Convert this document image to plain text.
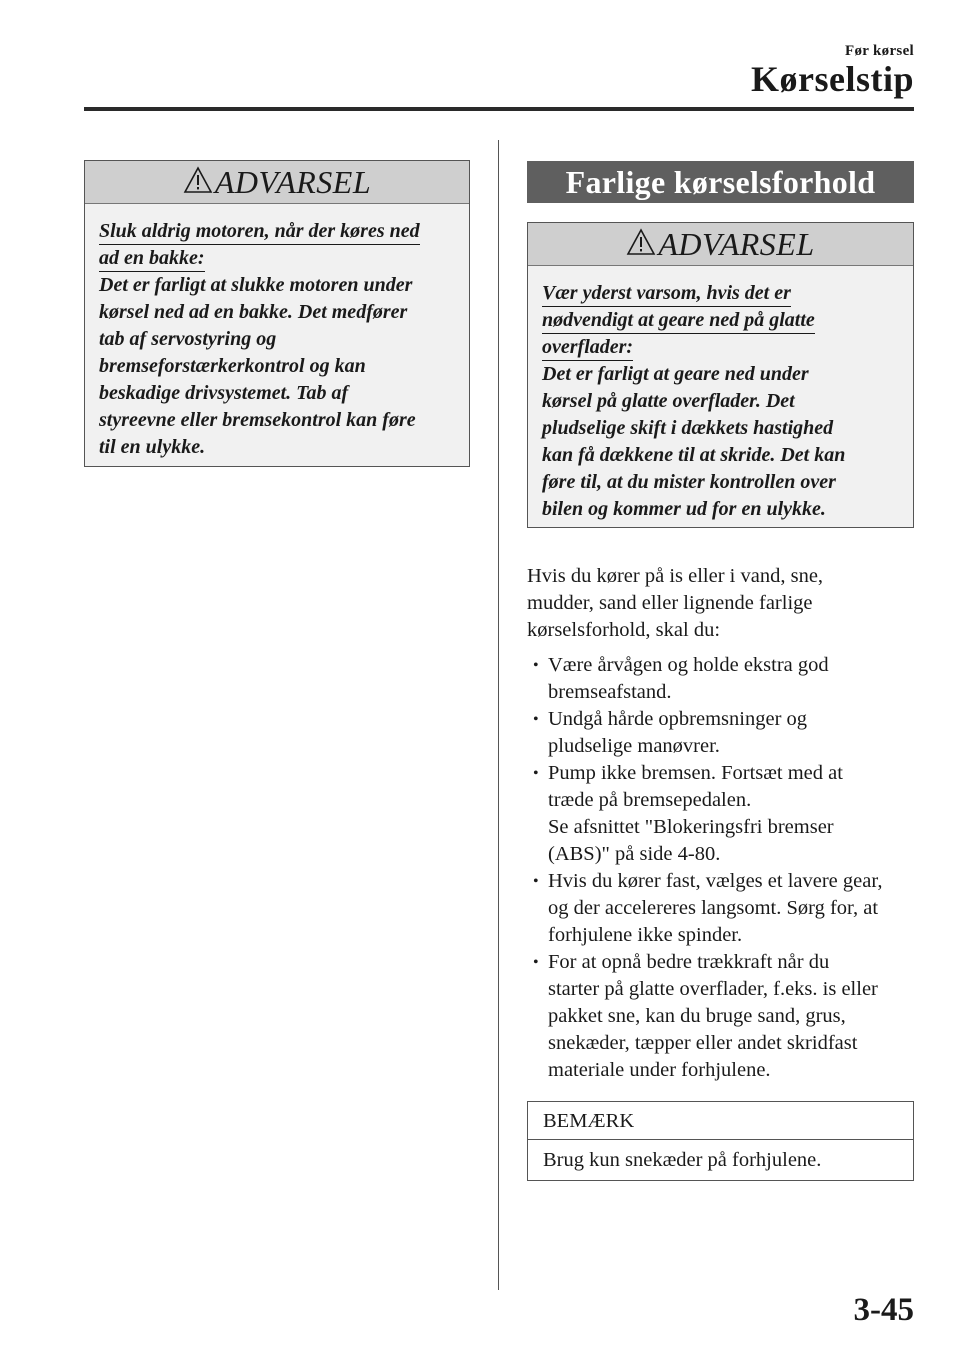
Før kørsel
Kørselstip
ADVARSEL
Sluk aldrig motoren, når der køres ned
ad en bakke:
Det er farligt at slukke motoren under
kørsel ned ad en bakke. Det medfører
tab af servostyring og
bremseforstærkerkontrol og kan
beskadige drivsystemet. Tab af
styreevne eller bremsekontrol kan føre
til en ulykke.
Farlige kørselsforhold
ADVARSEL
Vær yderst varsom, hvis det er
nødvendigt at geare ned på glatte
overflader:
Det er farligt at geare ned under
kørsel på glatte overflader. Det
pludselige skift i dækkets hastighed
kan få dækkene til at skride. Det kan
føre til, at du mister kontrollen over
bilen og kommer ud for en ulykke.
Hvis du kører på is eller i vand, sne,
mudder, sand eller lignende farlige
kørselsforhold, skal du:
• Være årvågen og holde ekstra god
bremseafstand.
• Undgå hårde opbremsninger og
pludselige manøvrer.
• Pump ikke bremsen. Fortsæt med at
træde på bremsepedalen.
Se afsnittet "Blokeringsfri bremser
(ABS)" på side 4-80.
• Hvis du kører fast, vælges et lavere gear,
og der accelereres langsomt. Sørg for, at
forhjulene ikke spinder.
• For at opnå bedre trækkraft når du
starter på glatte overflader, f.eks. is eller
pakket sne, kan du bruge sand, grus,
snekæder, tæpper eller andet skridfast
materiale under forhjulene.
BEMÆRK
Brug kun snekæder på forhjulene.
3-45
